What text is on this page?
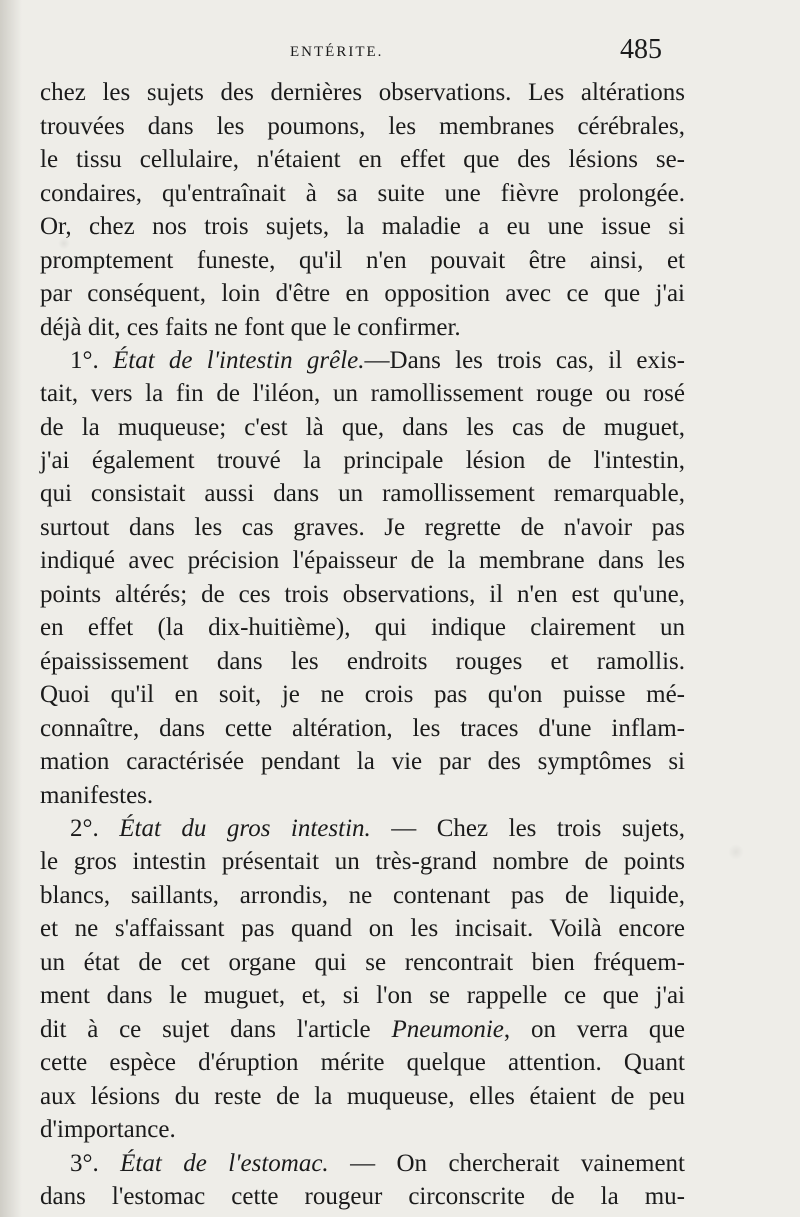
ENTÉRITE.	485
chez les sujets des dernières observations. Les altérations
trouvées dans les poumons, les membranes cérébrales,
le tissu cellulaire, n'étaient en effet que des lésions se-
condaires, qu'entraînait à sa suite une fièvre prolongée.
Or, chez nos trois sujets, la maladie a eu une issue si
promptement funeste, qu'il n'en pouvait être ainsi, et
par conséquent, loin d'être en opposition avec ce que j'ai
déjà dit, ces faits ne font que le confirmer.
1°. État de l'intestin grêle.—Dans les trois cas, il exis-
tait, vers la fin de l'iléon, un ramollissement rouge ou rosé
de la muqueuse; c'est là que, dans les cas de muguet,
j'ai également trouvé la principale lésion de l'intestin,
qui consistait aussi dans un ramollissement remarquable,
surtout dans les cas graves. Je regrette de n'avoir pas
indiqué avec précision l'épaisseur de la membrane dans les
points altérés; de ces trois observations, il n'en est qu'une,
en effet (la dix-huitième), qui indique clairement un
épaississement dans les endroits rouges et ramollis.
Quoi qu'il en soit, je ne crois pas qu'on puisse mé-
connaître, dans cette altération, les traces d'une inflam-
mation caractérisée pendant la vie par des symptômes si
manifestes.
2°. État du gros intestin. — Chez les trois sujets,
le gros intestin présentait un très-grand nombre de points
blancs, saillants, arrondis, ne contenant pas de liquide,
et ne s'affaissant pas quand on les incisait. Voilà encore
un état de cet organe qui se rencontrait bien fréquem-
ment dans le muguet, et, si l'on se rappelle ce que j'ai
dit à ce sujet dans l'article Pneumonie, on verra que
cette espèce d'éruption mérite quelque attention. Quant
aux lésions du reste de la muqueuse, elles étaient de peu
d'importance.
3°. État de l'estomac. — On chercherait vainement
dans l'estomac cette rougeur circonscrite de la mu-
